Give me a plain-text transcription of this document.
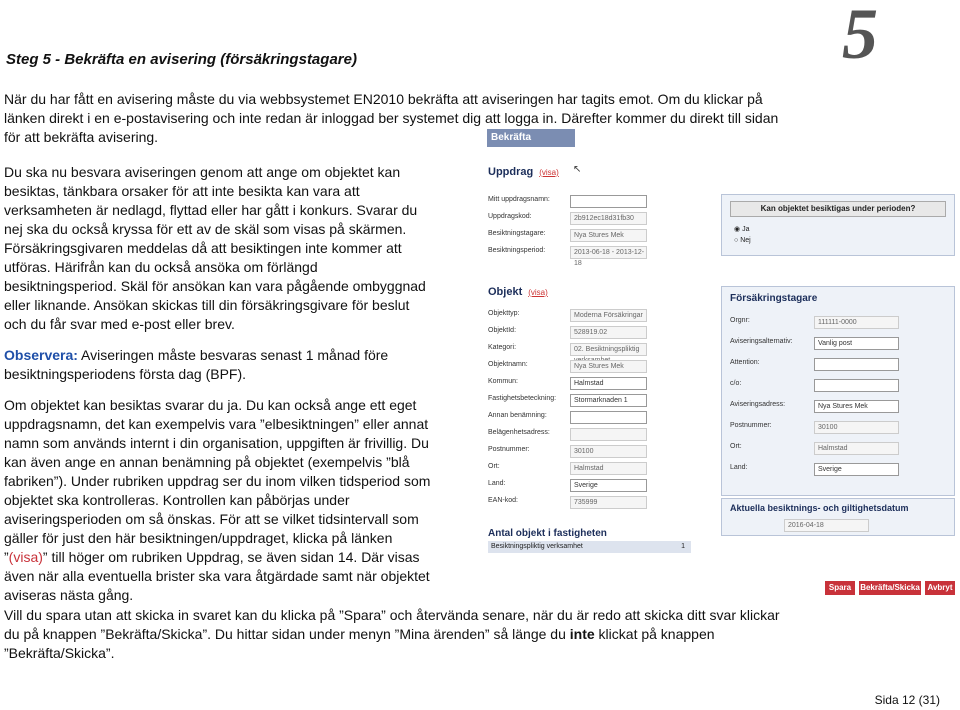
5
Steg 5 - Bekräfta en avisering (försäkringstagare)

När du har fått en avisering måste du via webbsystemet EN2010 bekräfta att aviseringen har tagits emot. Om du klickar på

länken direkt i en e-postavisering och inte redan är inloggad ber systemet dig att logga in. Därefter kommer du direkt till sidan

för att bekräfta avisering.

Du ska nu besvara aviseringen genom att ange om objektet kan

besiktas, tänkbara orsaker för att inte besikta kan vara att

verksamheten är nedlagd, flyttad eller har gått i konkurs. Svarar du

nej ska du också kryssa för ett av de skäl som visas på skärmen.

Försäkringsgivaren meddelas då att besiktingen inte kommer att

utföras. Härifrån kan du också ansöka om förlängd

besiktningsperiod. Skäl för ansökan kan vara pågående ombyggnad

eller liknande. Ansökan skickas till din försäkringsgivare för beslut

och du får svar med e-post eller brev.

Observera: Aviseringen måste besvaras senast 1 månad före

besiktningsperiodens första dag (BPF).

Om objektet kan besiktas svarar du ja. Du kan också ange ett eget

uppdragsnamn, det kan exempelvis vara ”elbesiktningen” eller annat

namn som används internt i din organisation, uppgiften är frivillig. Du

kan även ange en annan benämning på objektet (exempelvis ”blå

fabriken”). Under rubriken uppdrag ser du inom vilken tidsperiod som

objektet ska kontrolleras. Kontrollen kan påbörjas under

aviseringsperioden om så önskas. För att se vilket tidsintervall som

gäller för just den här besiktningen/uppdraget, klicka på länken

”(visa)” till höger om rubriken Uppdrag, se även sidan 14. Där visas

även när alla eventuella brister ska vara åtgärdade samt när objektet

aviseras nästa gång.

Vill du spara utan att skicka in svaret kan du klicka på ”Spara” och återvända senare, när du är redo att skicka ditt svar klickar

du på knappen ”Bekräfta/Skicka”. Du hittar sidan under menyn ”Mina ärenden” så länge du inte klickat på knappen

”Bekräfta/Skicka”.

Sida 12 (31)
Bekräfta avisering
↖
Uppdrag (visa)
Mitt uppdragsnamn:
Uppdragskod:	2b912ec18d31fb30
Besiktningstagare:	Nya Stures Mek
Besiktningsperiod:	2013-06-18 - 2013-12-18
Kan objektet besiktigas under perioden?
◉ Ja
○ Nej
Objekt (visa)
Objekttyp:	Moderna Försäkringar
ObjektId:	528919.02
Kategori:	02. Besiktningspliktig
Objektnamn:	Nya Stures Mek
Kommun:	Halmstad
Fastighetsbeteckning:	Stormarknaden 1
Annan benämning:
Belägenhetsadress:
Postnummer:	30100
Ort:	Halmstad
Land:	Sverige
EAN-kod:	735999
Antal objekt i fastigheten
Besiktningspliktig verksamhet	1
Försäkringstagare
Orgnr:	111111-0000
Aviseringsalternativ:	Vanlig post
Attention:
c/o:
Aviseringsadress:	Nya Stures Mek
Postnummer:	30100
Ort:	Halmstad
Land:	Sverige
Aktuella besiktnings- och giltighetsdatum
2016-04-18
Spara	Bekräfta/Skicka Avbryt
